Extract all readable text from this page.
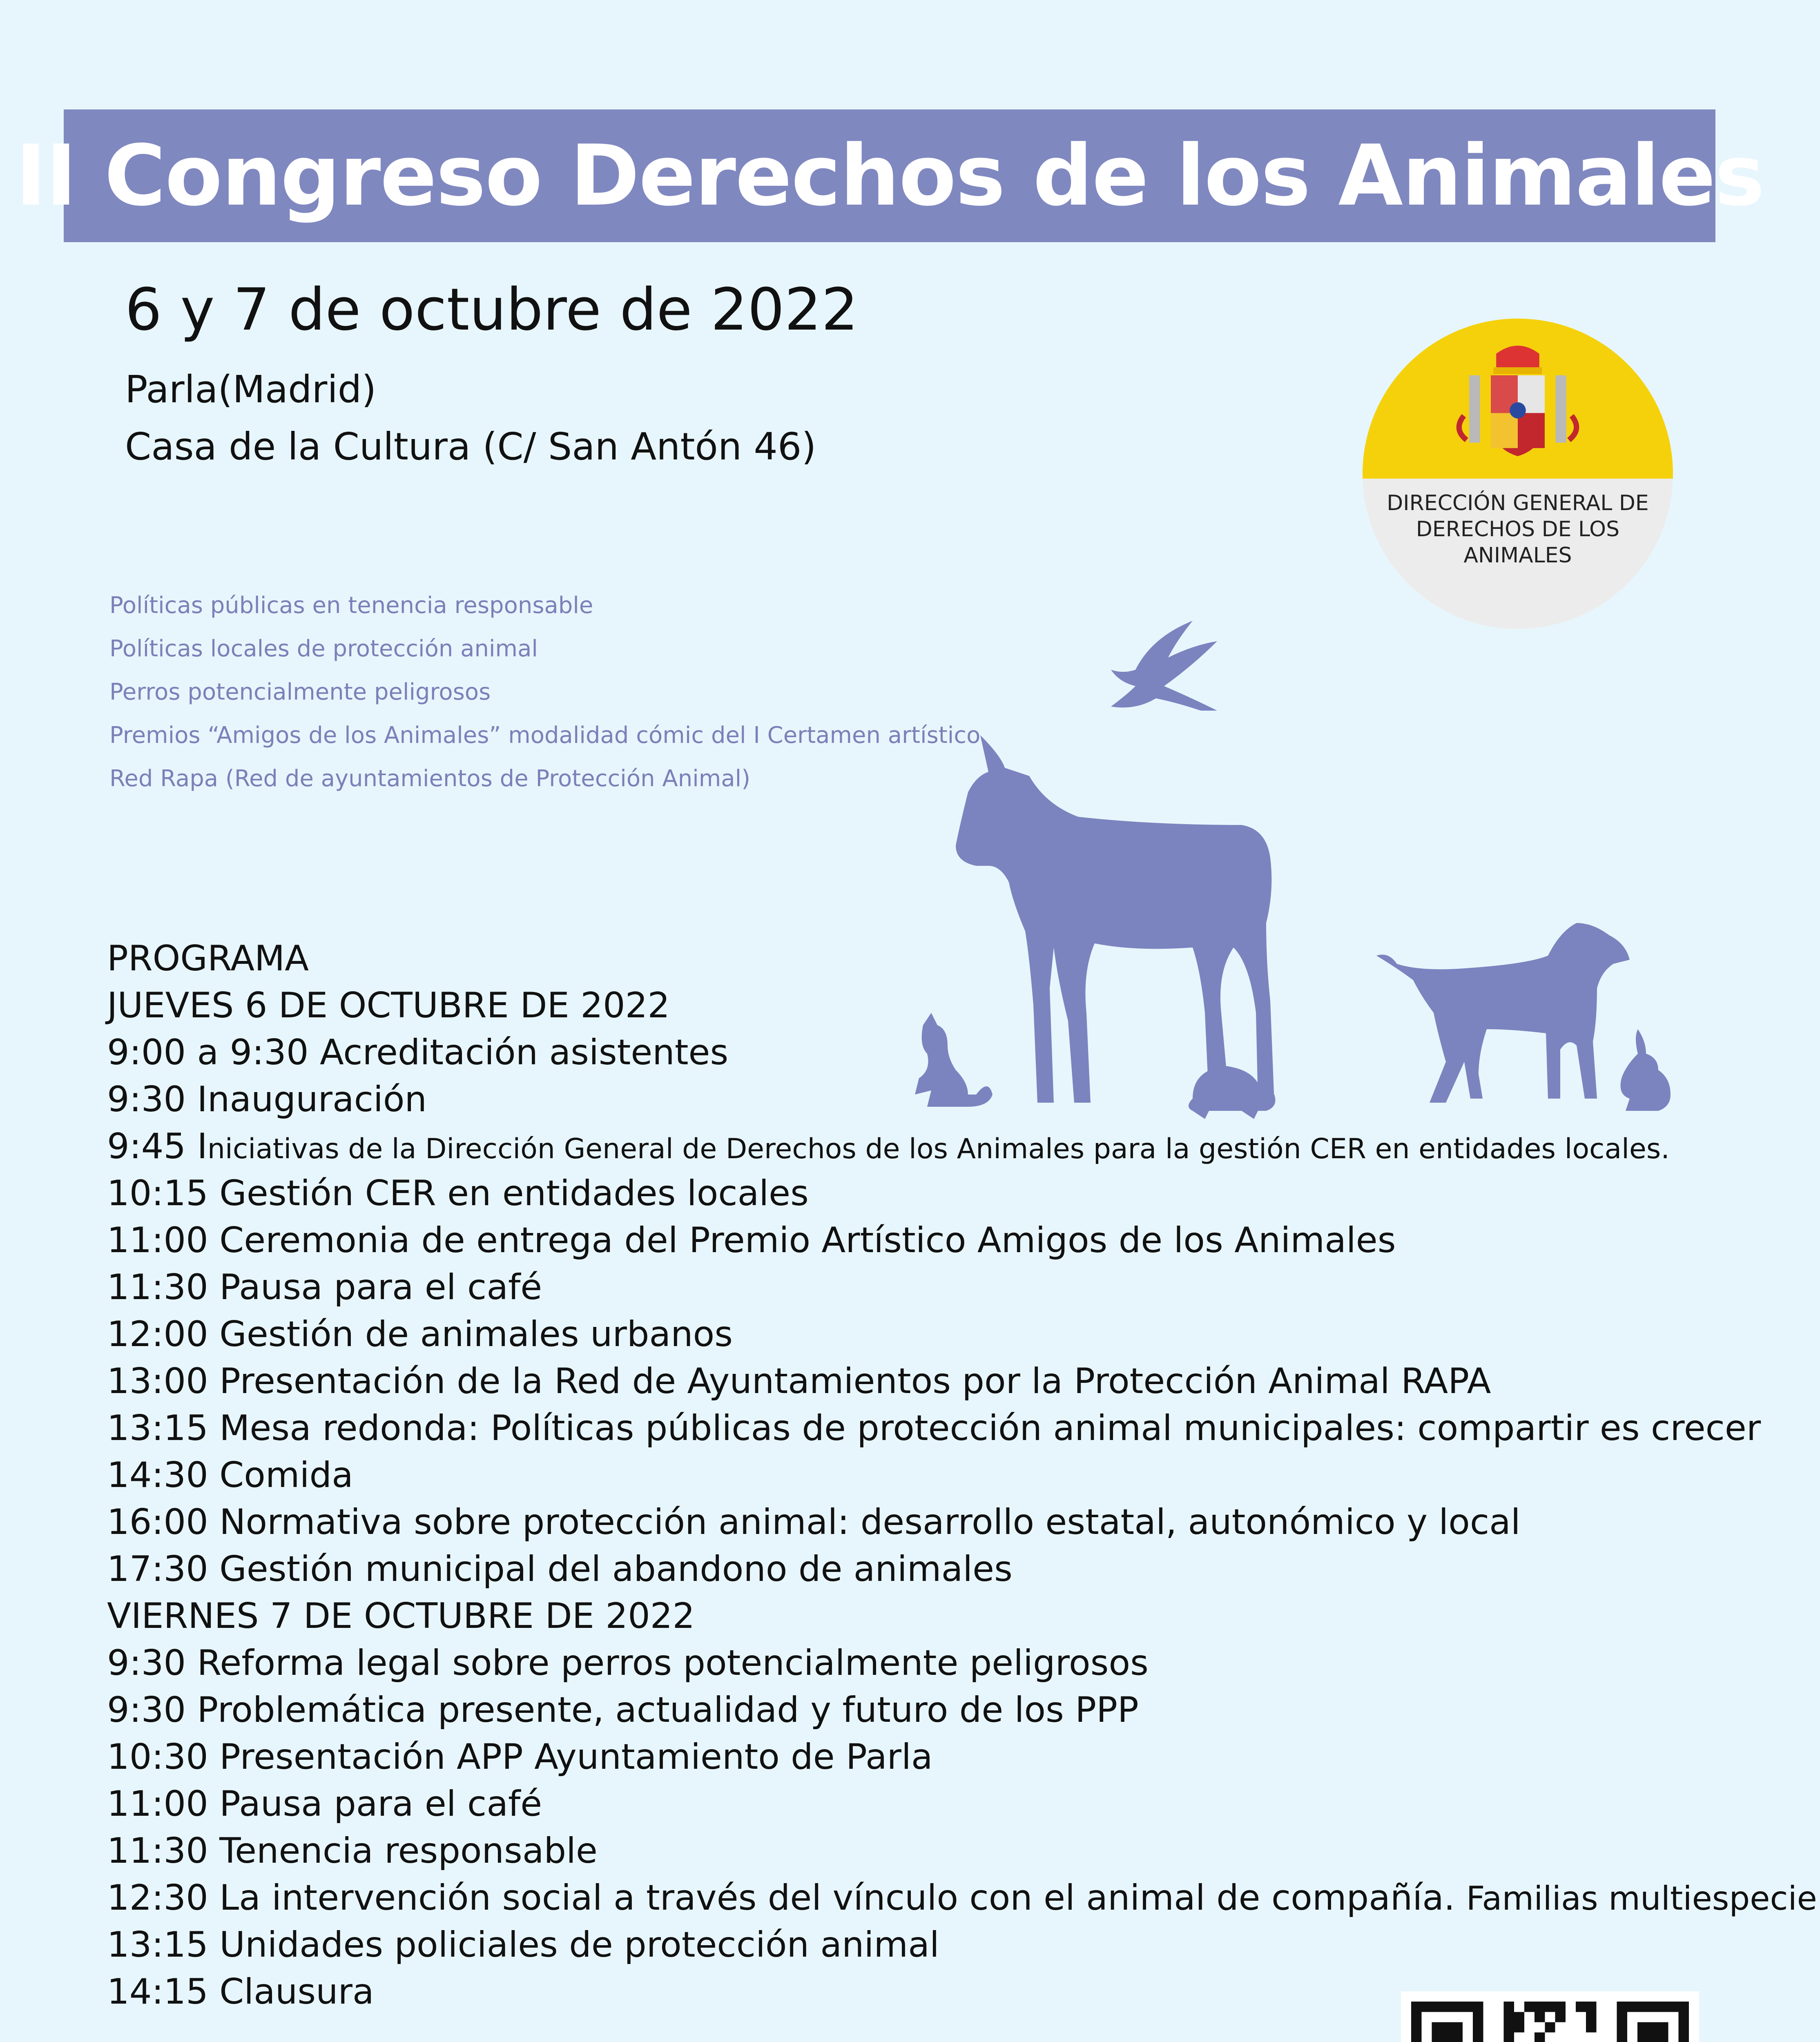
II Congreso Derechos de los Animales
6 y 7 de octubre de 2022
Parla(Madrid)
Casa de la Cultura (C/ San Antón 46)
DIRECCIÓN GENERAL DE DERECHOS DE LOS ANIMALES
Políticas públicas en tenencia responsable
Políticas locales de protección animal
Perros potencialmente peligrosos
Premios “Amigos de los Animales” modalidad cómic del I Certamen artístico
Red Rapa (Red de ayuntamientos de Protección Animal)
PROGRAMA
JUEVES 6 DE OCTUBRE DE 2022
9:00 a 9:30 Acreditación asistentes
9:30 Inauguración
9:45 Iniciativas de la Dirección General de Derechos de los Animales para la gestión CER en entidades locales.
10:15 Gestión CER en entidades locales
11:00 Ceremonia de entrega del Premio Artístico Amigos de los Animales
11:30 Pausa para el café
12:00 Gestión de animales urbanos
13:00 Presentación de la Red de Ayuntamientos por la Protección Animal RAPA
13:15 Mesa redonda: Políticas públicas de protección animal municipales: compartir es crecer
14:30 Comida
16:00 Normativa sobre protección animal: desarrollo estatal, autonómico y local
17:30 Gestión municipal del abandono de animales
VIERNES 7 DE OCTUBRE DE 2022
9:30 Reforma legal sobre perros potencialmente peligrosos
9:30 Problemática presente, actualidad y futuro de los PPP
10:30 Presentación APP Ayuntamiento de Parla
11:00 Pausa para el café
11:30 Tenencia responsable
12:30 La intervención social a través del vínculo con el animal de compañía. Familias multiespecie
13:15 Unidades policiales de protección animal
14:15 Clausura
